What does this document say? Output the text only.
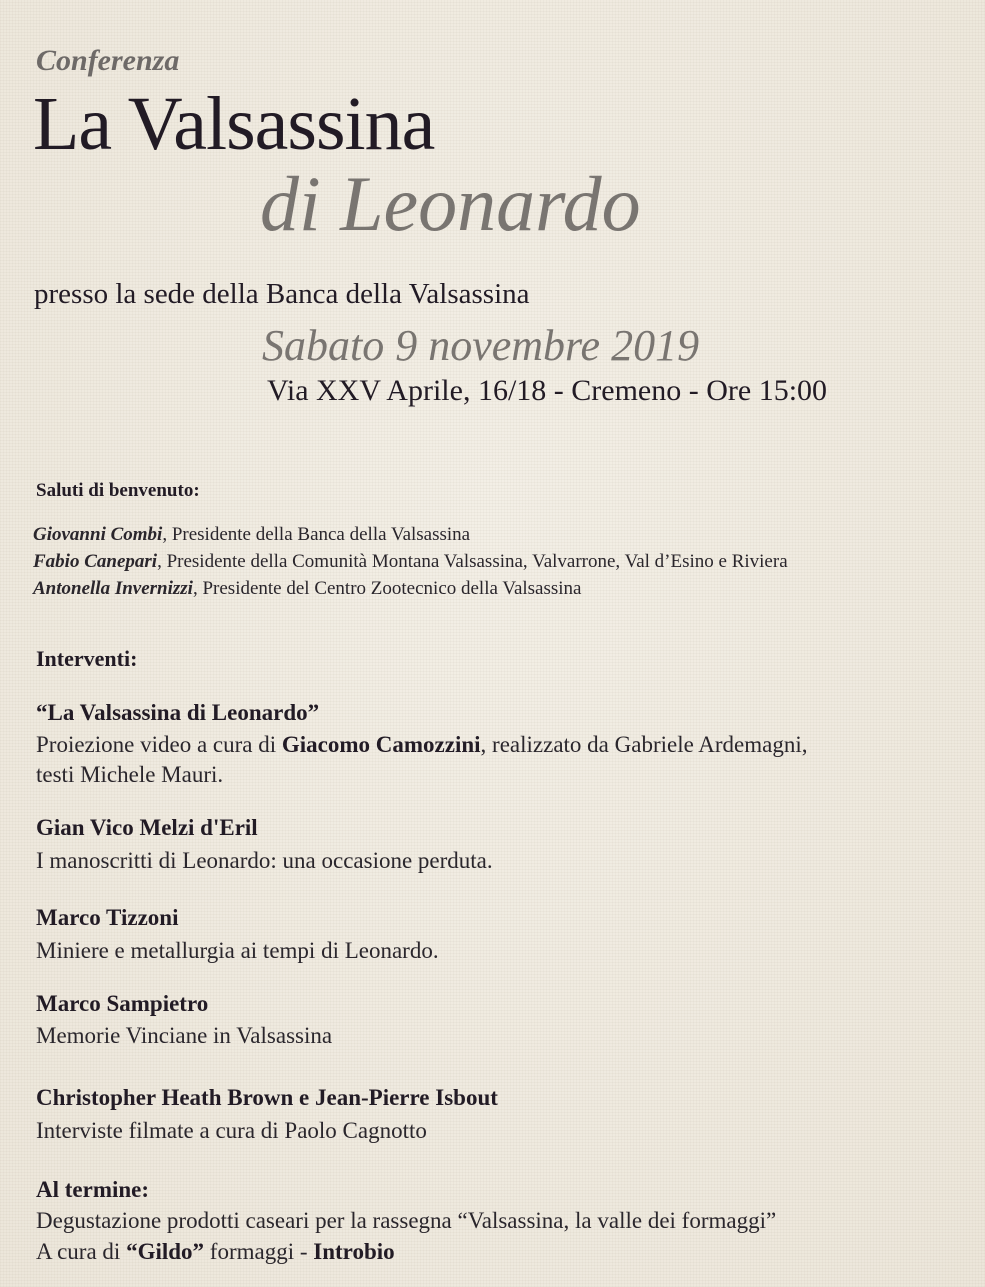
Conferenza
La Valsassina
di Leonardo
presso la sede della Banca della Valsassina
Sabato 9 novembre 2019
Via XXV Aprile, 16/18 - Cremeno - Ore 15:00
Saluti di benvenuto:
Giovanni Combi, Presidente della Banca della Valsassina
Fabio Canepari, Presidente della Comunità Montana Valsassina, Valvarrone, Val d’Esino e Riviera
Antonella Invernizzi, Presidente del Centro Zootecnico della Valsassina
Interventi:
“La Valsassina di Leonardo”
Proiezione video a cura di Giacomo Camozzini, realizzato da Gabriele Ardemagni,
testi Michele Mauri.
Gian Vico Melzi d'Eril
I manoscritti di Leonardo: una occasione perduta.
Marco Tizzoni
Miniere e metallurgia ai tempi di Leonardo.
Marco Sampietro
Memorie Vinciane in Valsassina
Christopher Heath Brown e Jean-Pierre Isbout
Interviste filmate a cura di Paolo Cagnotto
Al termine:
Degustazione prodotti caseari per la rassegna “Valsassina, la valle dei formaggi”
A cura di “Gildo” formaggi - Introbio
